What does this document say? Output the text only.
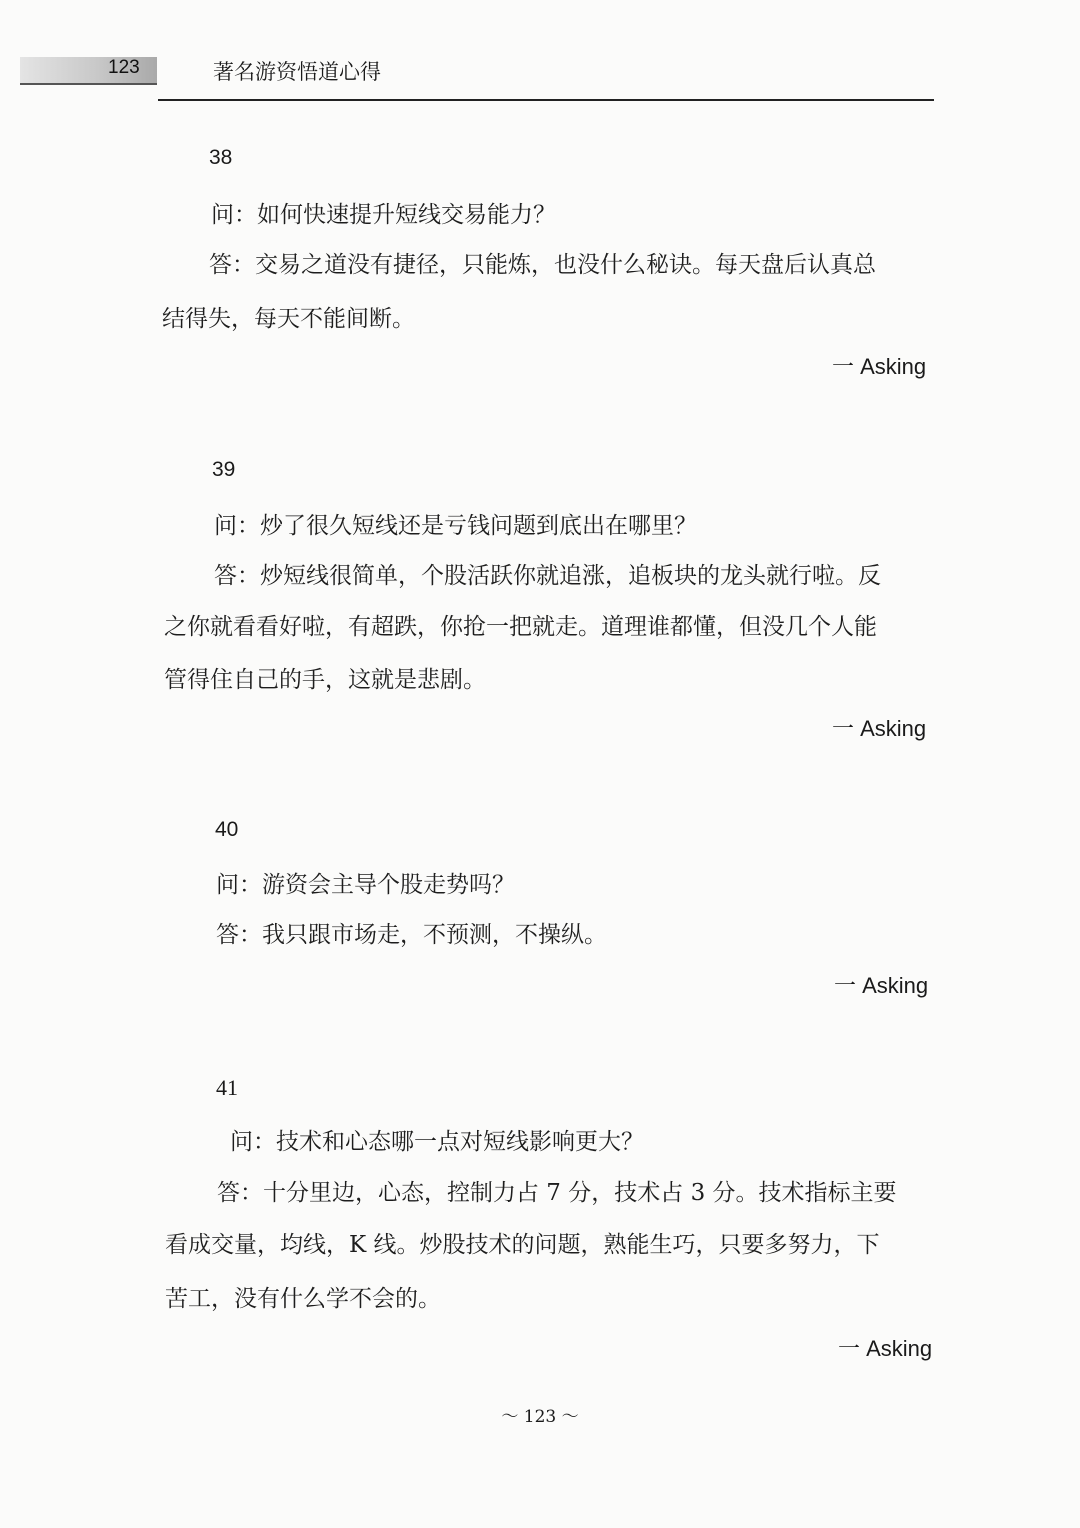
123	著名游资悟道心得
38
问：如何快速提升短线交易能力？
答：交易之道没有捷径，只能炼，也没什么秘诀。每天盘后认真总
结得失，每天不能间断。
一 Asking
39
问：炒了很久短线还是亏钱问题到底出在哪里？
答：炒短线很简单，个股活跃你就追涨，追板块的龙头就行啦。反
之你就看看好啦，有超跌，你抢一把就走。道理谁都懂，但没几个人能
管得住自己的手，这就是悲剧。
一 Asking
40
问：游资会主导个股走势吗？
答：我只跟市场走，不预测，不操纵。
一 Asking
41
问：技术和心态哪一点对短线影响更大？
答：十分里边，心态，控制力占 7 分，技术占 3 分。技术指标主要
看成交量，均线，K 线。炒股技术的问题，熟能生巧，只要多努力，下
苦工，没有什么学不会的。
一 Asking
～ 123 ～
